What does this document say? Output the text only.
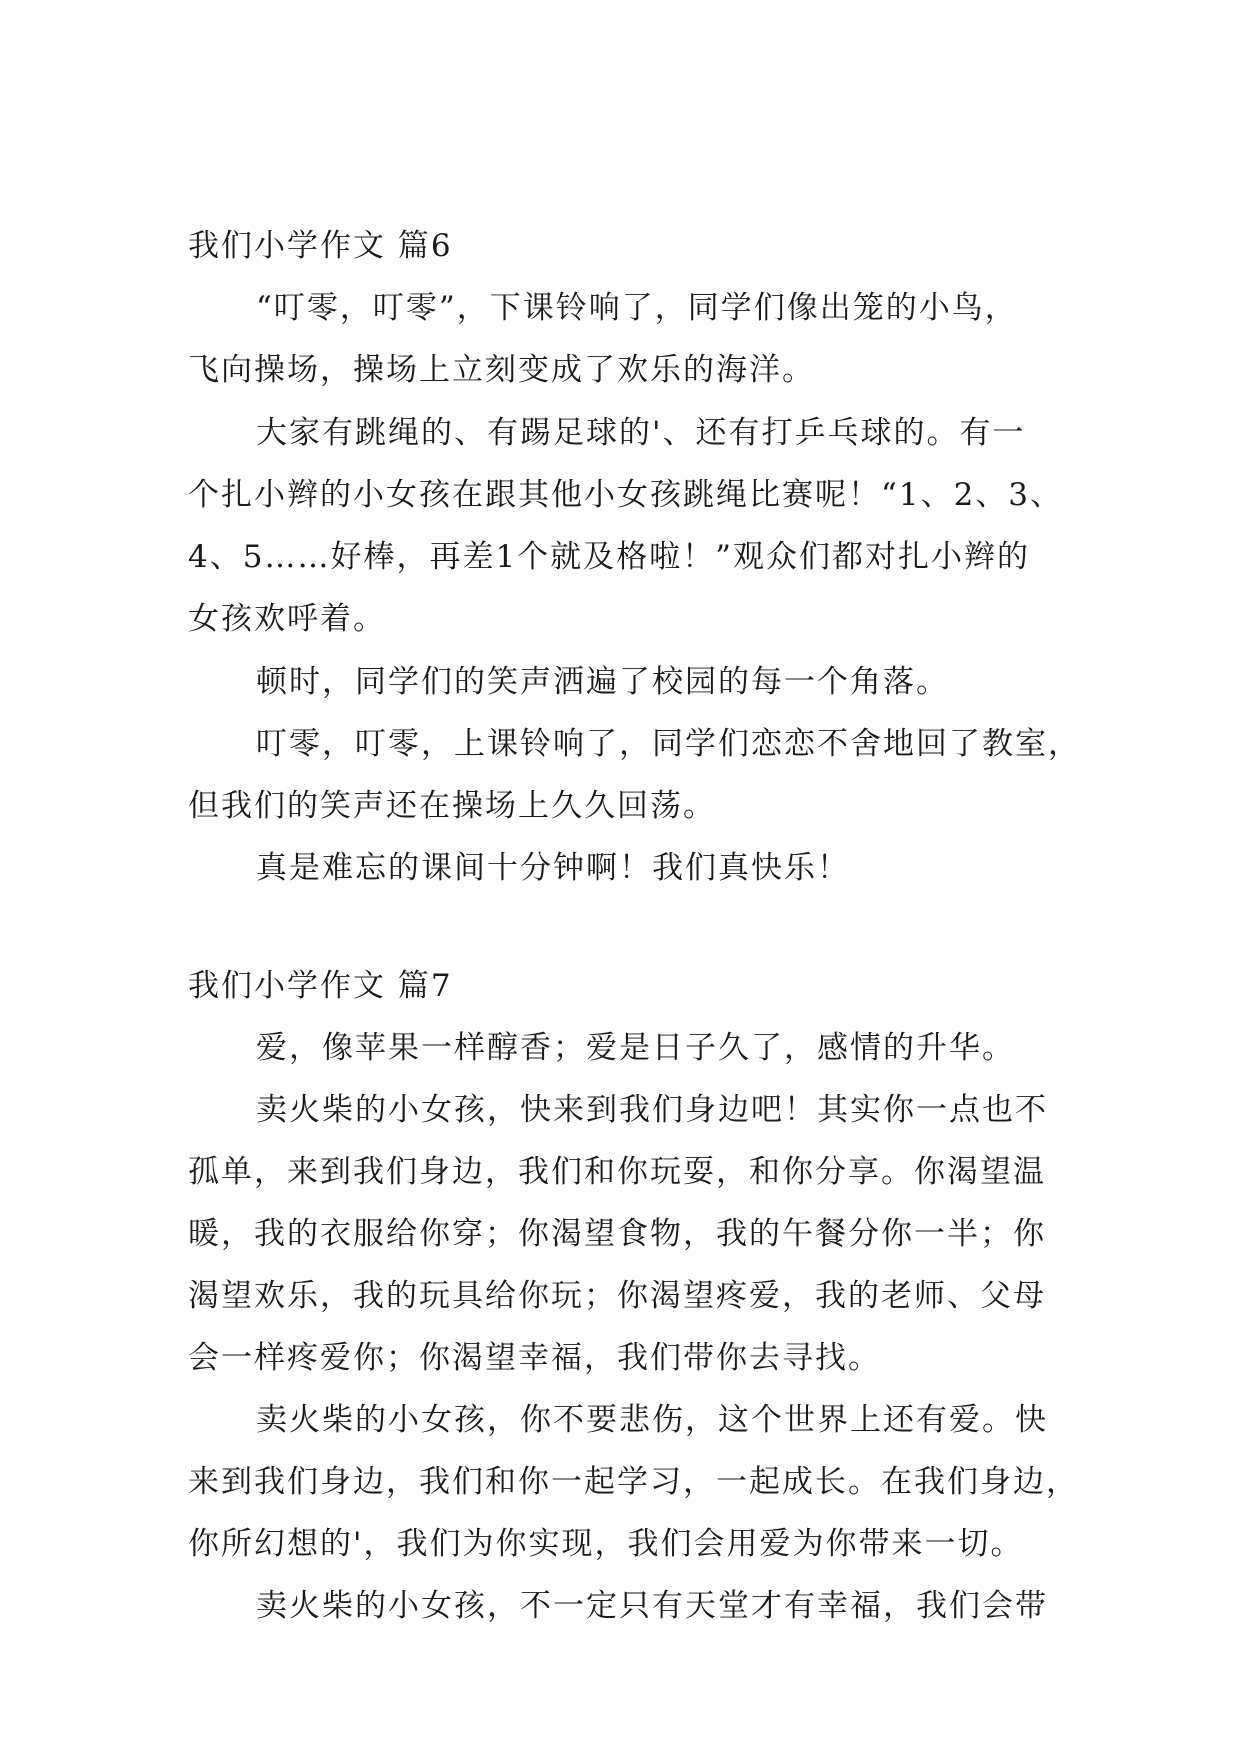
我们小学作文 篇6

“叮零，叮零”，下课铃响了，同学们像出笼的小鸟，

飞向操场，操场上立刻变成了欢乐的海洋。

大家有跳绳的、有踢足球的'、还有打乒乓球的。有一

个扎小辫的小女孩在跟其他小女孩跳绳比赛呢！“1、2、3、

4、5……好棒，再差1个就及格啦！”观众们都对扎小辫的

女孩欢呼着。

顿时，同学们的笑声洒遍了校园的每一个角落。

叮零，叮零，上课铃响了，同学们恋恋不舍地回了教室，

但我们的笑声还在操场上久久回荡。

真是难忘的课间十分钟啊！我们真快乐！

我们小学作文 篇7

爱，像苹果一样醇香；爱是日子久了，感情的升华。

卖火柴的小女孩，快来到我们身边吧！其实你一点也不

孤单，来到我们身边，我们和你玩耍，和你分享。你渴望温

暖，我的衣服给你穿；你渴望食物，我的午餐分你一半；你

渴望欢乐，我的玩具给你玩；你渴望疼爱，我的老师、父母

会一样疼爱你；你渴望幸福，我们带你去寻找。

卖火柴的小女孩，你不要悲伤，这个世界上还有爱。快

来到我们身边，我们和你一起学习，一起成长。在我们身边，

你所幻想的'，我们为你实现，我们会用爱为你带来一切。

卖火柴的小女孩，不一定只有天堂才有幸福，我们会带
